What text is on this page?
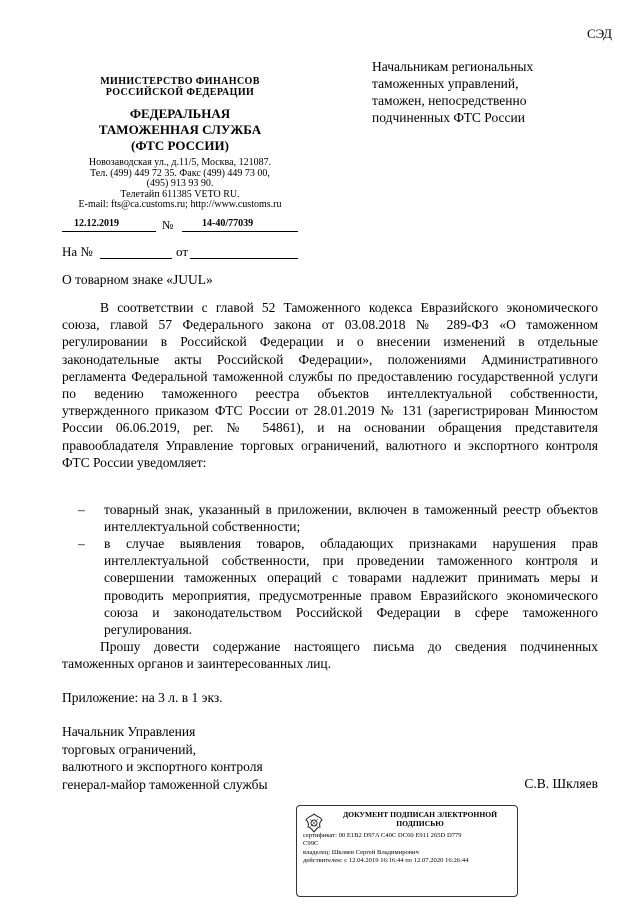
СЭД
МИНИСТЕРСТВО ФИНАНСОВ
РОССИЙСКОЙ ФЕДЕРАЦИИ
ФЕДЕРАЛЬНАЯ
ТАМОЖЕННАЯ СЛУЖБА
(ФТС РОССИИ)
Новозаводская ул., д.11/5, Москва, 121087.
Тел. (499) 449 72 35. Факс (499) 449 73 00,
(495) 913 93 90.
Телетайп 611385 VETO RU.
E-mail: fts@ca.customs.ru; http://www.customs.ru
12.12.2019	№	14-40/77039
На №	от
Начальникам региональных
таможенных управлений,
таможен, непосредственно
подчиненных ФТС России
О товарном знаке «JUUL»
В соответствии с главой 52 Таможенного кодекса Евразийского экономического союза, главой 57 Федерального закона от 03.08.2018 № 289-ФЗ «О таможенном регулировании в Российской Федерации и о внесении изменений в отдельные законодательные акты Российской Федерации», положениями Административного регламента Федеральной таможенной службы по предоставлению государственной услуги по ведению таможенного реестра объектов интеллектуальной собственности, утвержденного приказом ФТС России от 28.01.2019 № 131 (зарегистрирован Минюстом России 06.06.2019, рег. № 54861), и на основании обращения представителя правообладателя Управление торговых ограничений, валютного и экспортного контроля ФТС России уведомляет:
– товарный знак, указанный в приложении, включен в таможенный реестр объектов интеллектуальной собственности;
– в случае выявления товаров, обладающих признаками нарушения прав интеллектуальной собственности, при проведении таможенного контроля и совершении таможенных операций с товарами надлежит принимать меры и проводить мероприятия, предусмотренные правом Евразийского экономического союза и законодательством Российской Федерации в сфере таможенного регулирования.
Прошу довести содержание настоящего письма до сведения подчиненных таможенных органов и заинтересованных лиц.
Приложение: на 3 л. в 1 экз.
Начальник Управления
торговых ограничений,
валютного и экспортного контроля
генерал-майор таможенной службы	С.В. Шкляев
ДОКУМЕНТ ПОДПИСАН ЭЛЕКТРОННОЙ
ПОДПИСЬЮ
сертификат: 00 E1B2 D97A C40C DC60 E911 265D D779
C99C
владелец: Шкляев Сергей Владимирович
действителен: с 12.04.2019 16:16:44 по 12.07.2020 16:26:44
